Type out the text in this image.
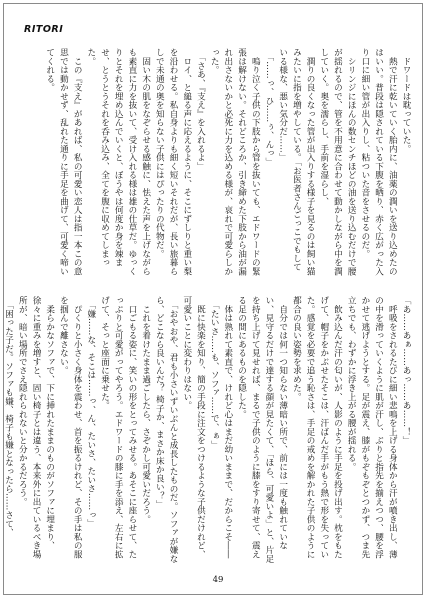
RITORI

　ドワードは耽っていた。
　熱で汗に乾いていく胎内に、油薬の潤いを送り込めたのはいい。普段は隠されている下腹を晒り、赤く広がった入り口に細い管が出入りし、粘ついた音をさせるのだ。
　シリンジにほんの数センチほどの油を送り込むだけで腰が揺れるので、管を不用意に合わせて動かしながら中を潤していく。奥を濡らし、手前を湿らし、
　潤りの良くなった管が出入りする様子を見るのは飼い猫みたいに指を増やしている。「お医者さんごっこでもしている様な、悪い気分だ……」
　「……っ、ひ……ぅ、んっ」
　嗚り泣く子供の下肢から管を抜いても、エドワードの緊張は解けない。それどころか、引き締めた下肢から油が漏れ出さないかと必死に力を込める様が、哀れで可愛らしかった。
　「さあ、『支え』を入れるよ」
　ロイ、と縋る声に応えるように、そこにずしりと重い梨を沿わせる。私自身よりも細く短いそれだが、長い旅暮らしで未通の奥を知らない子供にはぴったりの代物だ。
　固い木の肌をなぞらせる感触に、怯えた声を上げながらも素直に力を抜いて、受け入れる様は雄の仕草だ。ゆっくりとそれを埋め込んでいくと、ぼうやは何度か身を竦ませ、とうとうそれを呑み込み、全てを腹に収めてしまった。
　この『支え』があれば、私の可愛い恋人は指一本この意思では動かせず、乱れた通りに手足を曲げて、可愛く啼いてくれる。

「あ……あぁ……あっ……あ……！」
　呼吸をされるたびに細い悲鳴を上げる身体から汗が噴き出し、薄の中を滑っていくように肌が汗し、ぶりと指先を揃えつつ、腰を浮かせて逃げようとする。足が震え、膝がもぞもぞとつかず、つま先立ちでも、わずかに浮き上がる腰が揺れる。
　飲み込んだ汗の匂いが、人影のように手足を投げ出す。枕をもたげて、帽子をかぶせたそこは、汗ばんだ手がもう熱で形を失っていた。感覚を必要で追う恥さは、手足の戒めを解かれた子供のように都合の良い姿勢を求めた。
　自分では何一つ知らない薄暗い所で、前には一度も触れていない、見守るだけで達する顔が見たくて、「ほら、可愛いよ」と、片足を持ち上げて見せれば、まるで子供のように膝をすり寄せて、震える足の間にあるものを隠した。
　体は熟れて素直で、けれど心はまだ幼いままで、だからこそ――
　「たいさ……も、ソファ……で、ぁ」
　既に快楽を知り、簡の手段に注文をつけるような子供だけれど、可愛いことに変わりはない。
　「おやおや、君も小さいずいぶんと成長したものだ。ソファが嫌なら、どこなら良いんだ？ 椅子か、まさか床か良い？」
　これを着けたまま過ごしたら、さぞかし可愛いだろう。
　口ごもる姿に、笑いの形をとってみせる。あそこに座らせて、たっぷりと可愛がってやろう。エドワードの膝に手を添え、左右に拡げて、そっと座面に乗せた。
　「嫌……な、そこは……っ、ん、たいさ、たいさ……っ」
　ぴくりと小さく身体を震わせ、首を振るけれど、その手は私の服を掴んで離さない。
　柔らかなソファで、下に挿れたままのものがソファに埋まり、徐々に重みを増すと、固い椅子とは違う、本来外に出ているべき場所が、暗い場所でさえ隠れられないと分かるだろう。
　「困った子だ。ソファも嫌、椅子も嫌となったら……さて、

49
